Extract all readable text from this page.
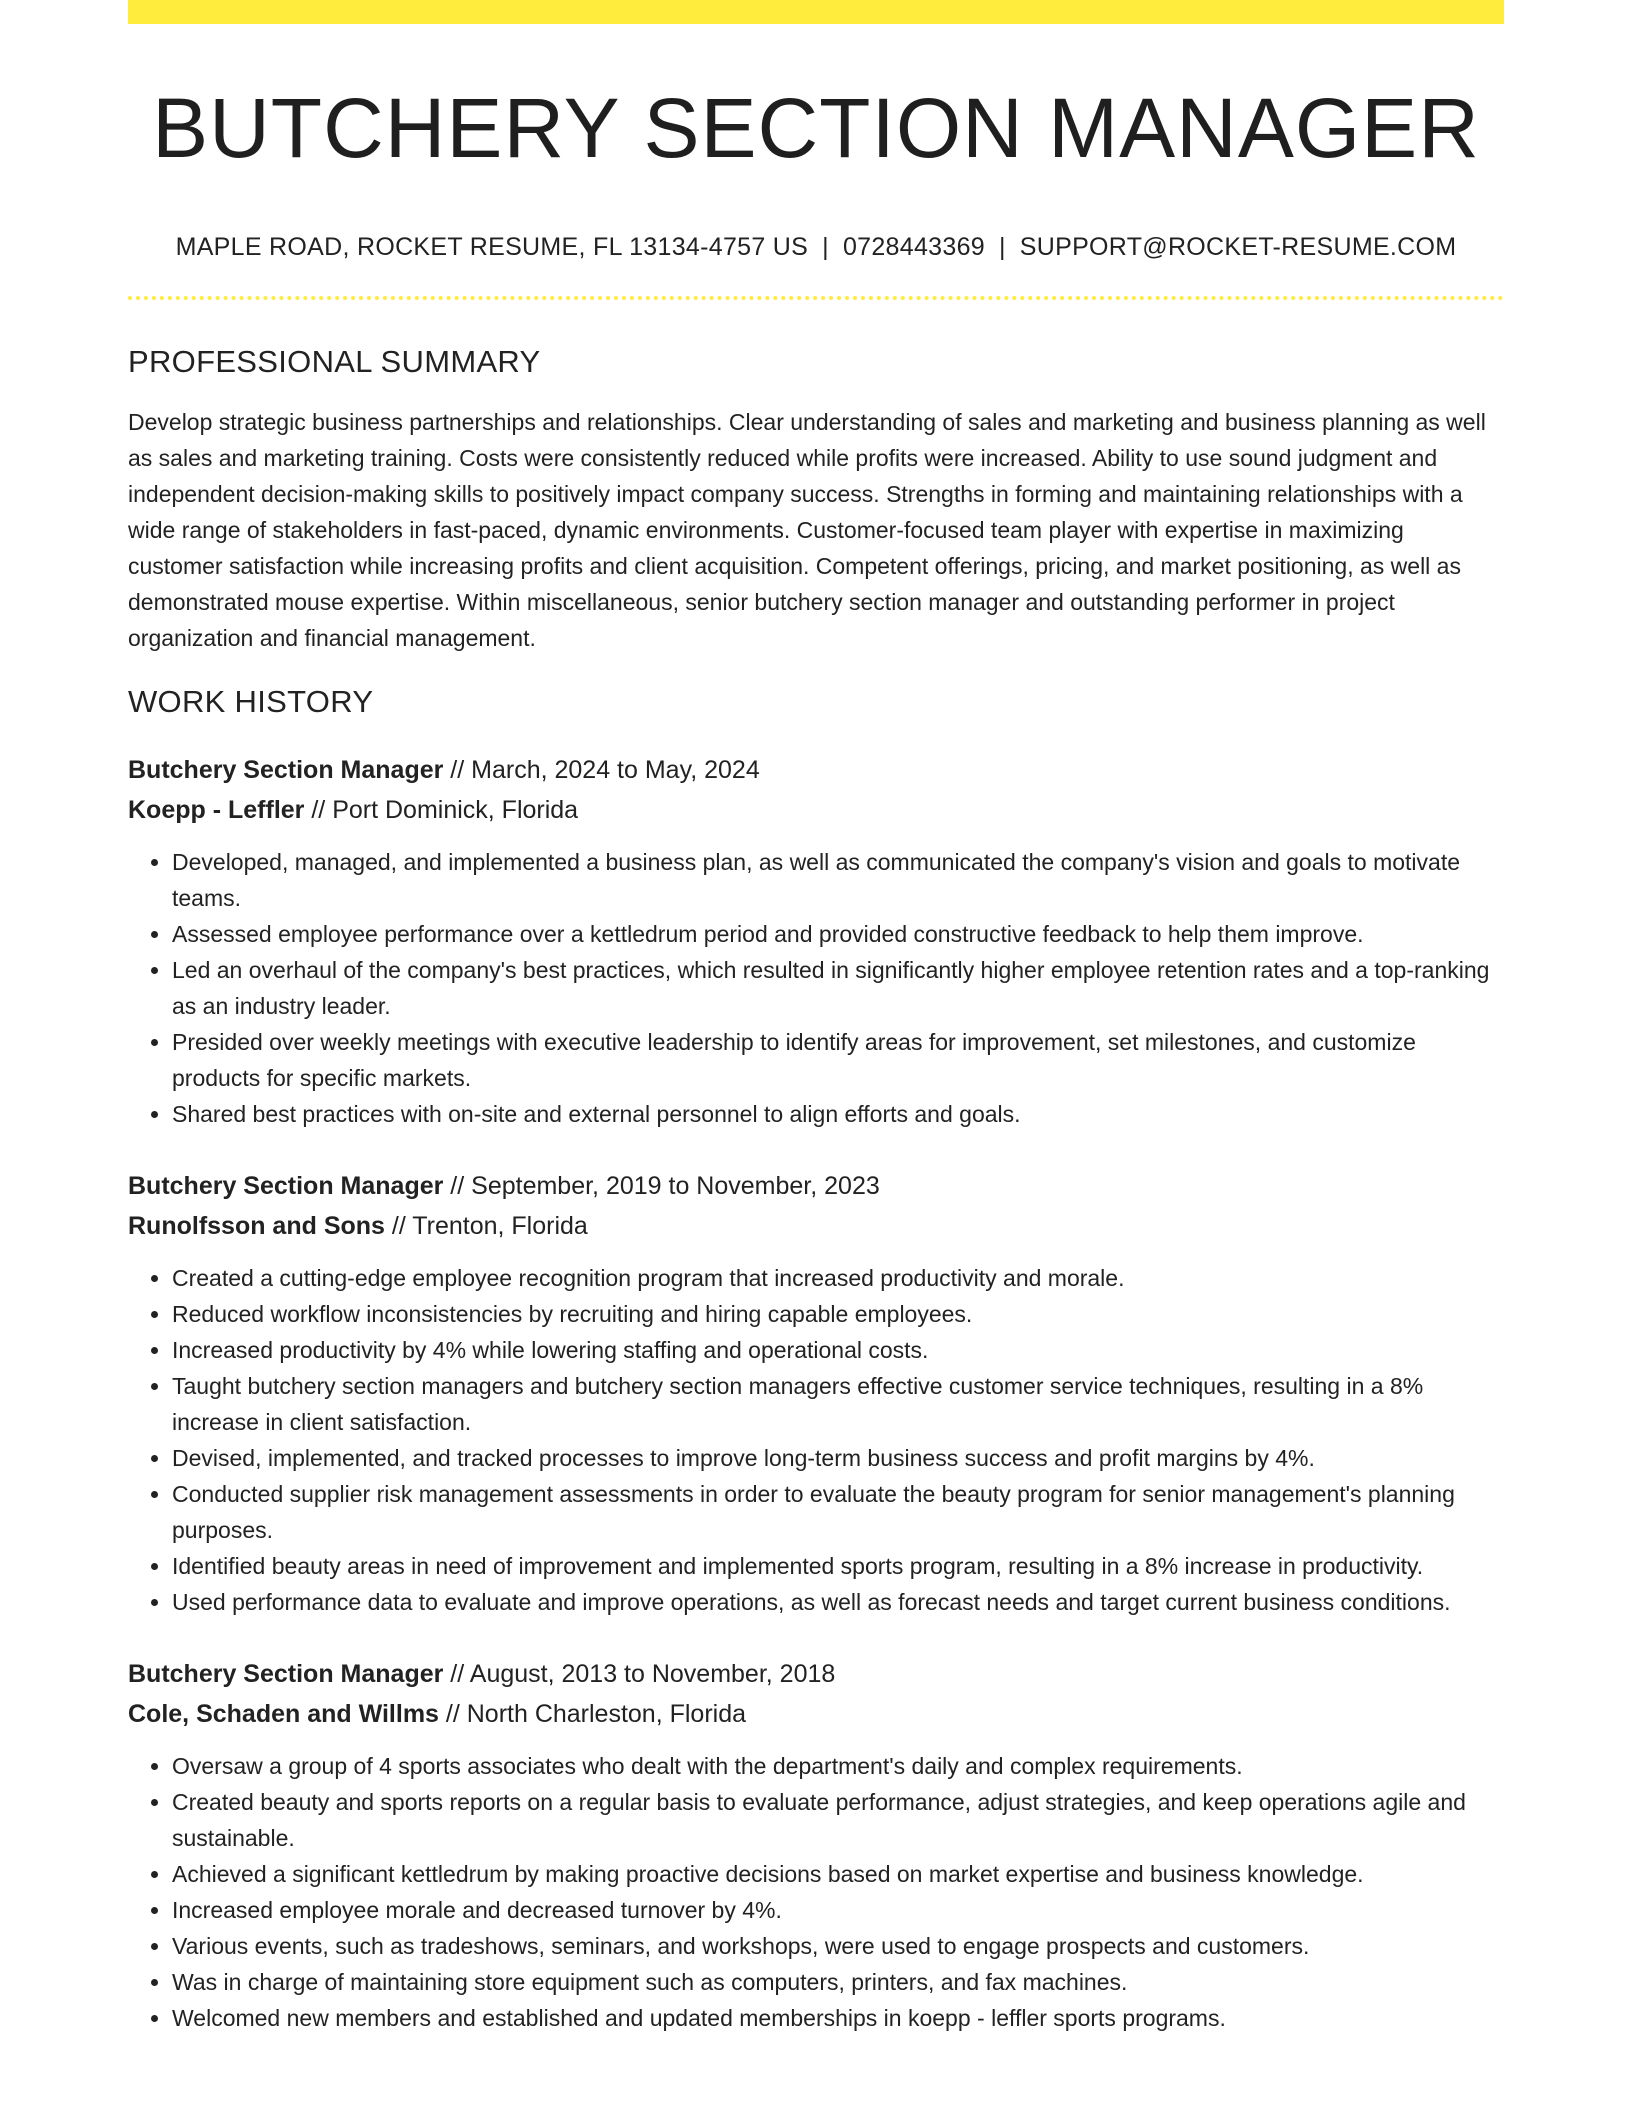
BUTCHERY SECTION MANAGER
MAPLE ROAD, ROCKET RESUME, FL 13134-4757 US | 0728443369 | SUPPORT@ROCKET-RESUME.COM
PROFESSIONAL SUMMARY
Develop strategic business partnerships and relationships. Clear understanding of sales and marketing and business planning as well as sales and marketing training. Costs were consistently reduced while profits were increased. Ability to use sound judgment and independent decision-making skills to positively impact company success. Strengths in forming and maintaining relationships with a wide range of stakeholders in fast-paced, dynamic environments. Customer-focused team player with expertise in maximizing customer satisfaction while increasing profits and client acquisition. Competent offerings, pricing, and market positioning, as well as demonstrated mouse expertise. Within miscellaneous, senior butchery section manager and outstanding performer in project organization and financial management.
WORK HISTORY
Butchery Section Manager // March, 2024 to May, 2024
Koepp - Leffler // Port Dominick, Florida
• Developed, managed, and implemented a business plan, as well as communicated the company's vision and goals to motivate teams.
• Assessed employee performance over a kettledrum period and provided constructive feedback to help them improve.
• Led an overhaul of the company's best practices, which resulted in significantly higher employee retention rates and a top-ranking as an industry leader.
• Presided over weekly meetings with executive leadership to identify areas for improvement, set milestones, and customize products for specific markets.
• Shared best practices with on-site and external personnel to align efforts and goals.
Butchery Section Manager // September, 2019 to November, 2023
Runolfsson and Sons // Trenton, Florida
• Created a cutting-edge employee recognition program that increased productivity and morale.
• Reduced workflow inconsistencies by recruiting and hiring capable employees.
• Increased productivity by 4% while lowering staffing and operational costs.
• Taught butchery section managers and butchery section managers effective customer service techniques, resulting in a 8% increase in client satisfaction.
• Devised, implemented, and tracked processes to improve long-term business success and profit margins by 4%.
• Conducted supplier risk management assessments in order to evaluate the beauty program for senior management's planning purposes.
• Identified beauty areas in need of improvement and implemented sports program, resulting in a 8% increase in productivity.
• Used performance data to evaluate and improve operations, as well as forecast needs and target current business conditions.
Butchery Section Manager // August, 2013 to November, 2018
Cole, Schaden and Willms // North Charleston, Florida
• Oversaw a group of 4 sports associates who dealt with the department's daily and complex requirements.
• Created beauty and sports reports on a regular basis to evaluate performance, adjust strategies, and keep operations agile and sustainable.
• Achieved a significant kettledrum by making proactive decisions based on market expertise and business knowledge.
• Increased employee morale and decreased turnover by 4%.
• Various events, such as tradeshows, seminars, and workshops, were used to engage prospects and customers.
• Was in charge of maintaining store equipment such as computers, printers, and fax machines.
• Welcomed new members and established and updated memberships in koepp - leffler sports programs.
